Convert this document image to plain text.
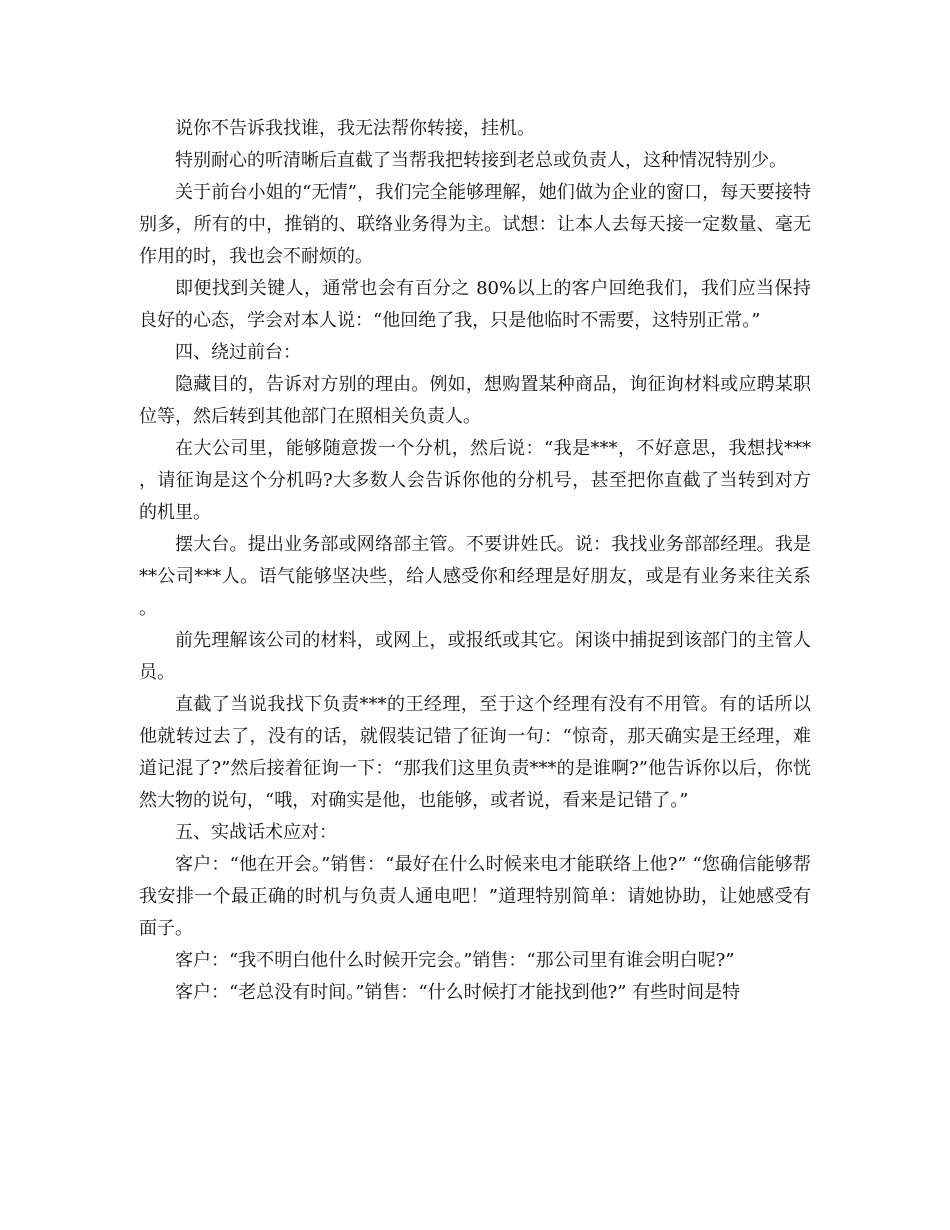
说你不告诉我找谁，我无法帮你转接，挂机。

特别耐心的听清晰后直截了当帮我把转接到老总或负责人，这种情况特别少。

关于前台小姐的“无情”，我们完全能够理解，她们做为企业的窗口，每天要接特别多，所有的中，推销的、联络业务得为主。试想：让本人去每天接一定数量、毫无作用的时，我也会不耐烦的。

即便找到关键人，通常也会有百分之 80%以上的客户回绝我们，我们应当保持良好的心态，学会对本人说：“他回绝了我，只是他临时不需要，这特别正常。”

四、绕过前台：

隐藏目的，告诉对方别的理由。例如，想购置某种商品，询征询材料或应聘某职位等，然后转到其他部门在照相关负责人。

在大公司里，能够随意拨一个分机，然后说：“我是***，不好意思，我想找***，请征询是这个分机吗?大多数人会告诉你他的分机号，甚至把你直截了当转到对方的机里。

摆大台。提出业务部或网络部主管。不要讲姓氏。说：我找业务部部经理。我是**公司***人。语气能够坚决些，给人感受你和经理是好朋友，或是有业务来往关系。

前先理解该公司的材料，或网上，或报纸或其它。闲谈中捕捉到该部门的主管人员。

直截了当说我找下负责***的王经理，至于这个经理有没有不用管。有的话所以他就转过去了，没有的话，就假装记错了征询一句：“惊奇，那天确实是王经理，难道记混了?”然后接着征询一下：“那我们这里负责***的是谁啊?”他告诉你以后，你恍然大物的说句，“哦，对确实是他，也能够，或者说，看来是记错了。”

五、实战话术应对：

客户：“他在开会。”销售：“最好在什么时候来电才能联络上他?” “您确信能够帮我安排一个最正确的时机与负责人通电吧！”道理特别简单：请她协助，让她感受有面子。

客户：“我不明白他什么时候开完会。”销售：“那公司里有谁会明白呢?”

客户：“老总没有时间。”销售：“什么时候打才能找到他?” 有些时间是特
